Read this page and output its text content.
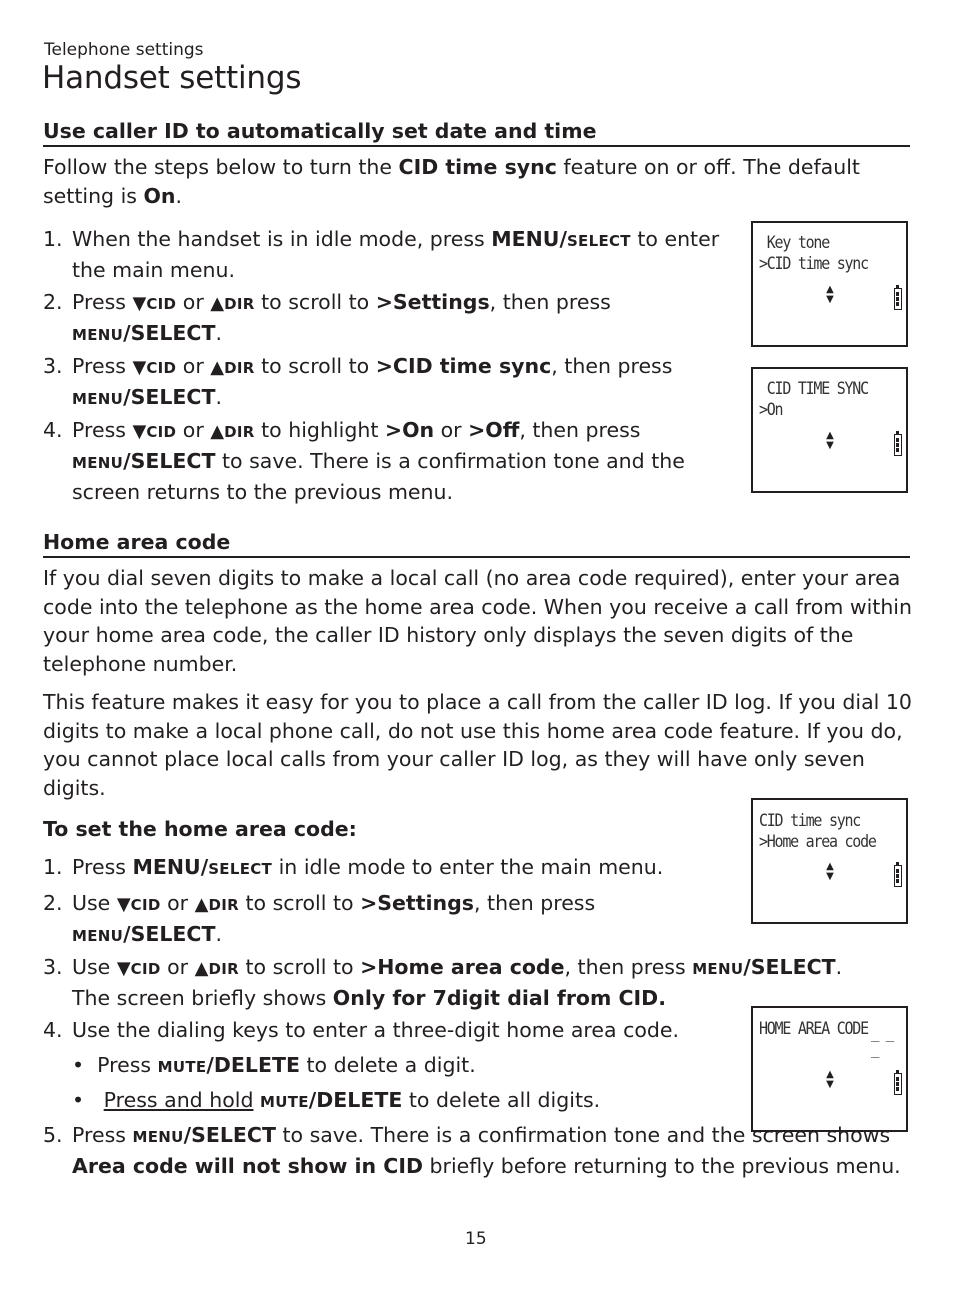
Telephone settings
Handset settings
Use caller ID to automatically set date and time

Follow the steps below to turn the CID time sync feature on or off. The default setting is On.

1. When the handset is in idle mode, press MENU/SELECT to enter the main menu.
2. Press ▼CID or ▲DIR to scroll to >Settings, then press
MENU/SELECT.
3. Press ▼CID or ▲DIR to scroll to >CID time sync, then press
MENU/SELECT.
4. Press ▼CID or ▲DIR to highlight >On or >Off, then press
MENU/SELECT to save. There is a confirmation tone and the screen returns to the previous menu.
Key tone
>CID time sync
▲
▼
CID TIME SYNC
>On
▲
▼
CID time sync
>Home area code
▲
▼
HOME AREA CODE _ _ _
▲
▼
Home area code

If you dial seven digits to make a local call (no area code required), enter your area code into the telephone as the home area code. When you receive a call from within your home area code, the caller ID history only displays the seven digits of the telephone number.

This feature makes it easy for you to place a call from the caller ID log. If you dial 10 digits to make a local phone call, do not use this home area code feature. If you do, you cannot place local calls from your caller ID log, as they will have only seven digits.

To set the home area code:
1. Press MENU/SELECT in idle mode to enter the main menu.
2. Use ▼CID or ▲DIR to scroll to >Settings, then press
MENU/SELECT.
3. Use ▼CID or ▲DIR to scroll to >Home area code, then press MENU/SELECT.
The screen briefly shows Only for 7digit dial from CID.
4. Use the dialing keys to enter a three-digit home area code.
•  Press MUTE/DELETE to delete a digit.
•   Press and hold MUTE/DELETE to delete all digits.
5. Press MENU/SELECT to save. There is a confirmation tone and the screen shows Area code will not show in CID briefly before returning to the previous menu.
15
